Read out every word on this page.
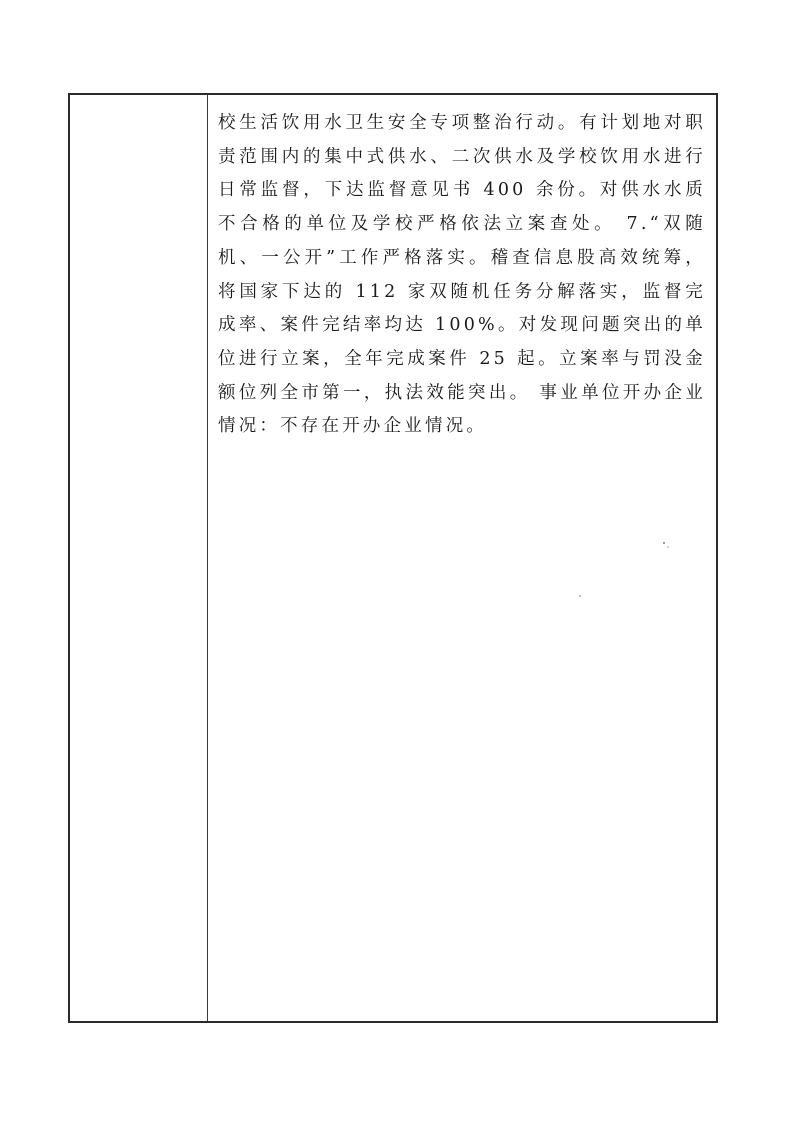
校生活饮用水卫生安全专项整治行动。有计划地对职责范围内的集中式供水、二次供水及学校饮用水进行日常监督，下达监督意见书 400 余份。对供水水质不合格的单位及学校严格依法立案查处。 7.“双随机、一公开”工作严格落实。稽查信息股高效统筹，将国家下达的 112 家双随机任务分解落实，监督完成率、案件完结率均达 100%。对发现问题突出的单位进行立案，全年完成案件 25 起。立案率与罚没金额位列全市第一，执法效能突出。 事业单位开办企业情况：不存在开办企业情况。
